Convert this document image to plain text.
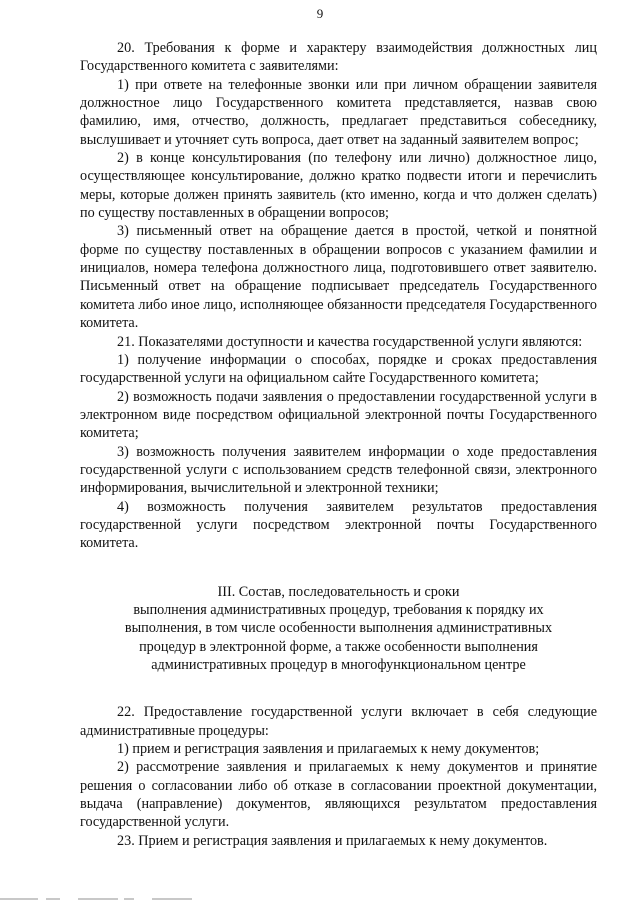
9

20. Требования к форме и характеру взаимодействия должностных лиц Государственного комитета с заявителями:

1) при ответе на телефонные звонки или при личном обращении заявителя должностное лицо Государственного комитета представляется, назвав свою фамилию, имя, отчество, должность, предлагает представиться собеседнику, выслушивает и уточняет суть вопроса, дает ответ на заданный заявителем вопрос;

2) в конце консультирования (по телефону или лично) должностное лицо, осуществляющее консультирование, должно кратко подвести итоги и перечислить меры, которые должен принять заявитель (кто именно, когда и что должен сделать) по существу поставленных в обращении вопросов;

3) письменный ответ на обращение дается в простой, четкой и понятной форме по существу поставленных в обращении вопросов с указанием фамилии и инициалов, номера телефона должностного лица, подготовившего ответ заявителю. Письменный ответ на обращение подписывает председатель Государственного комитета либо иное лицо, исполняющее обязанности председателя Государственного комитета.

21. Показателями доступности и качества государственной услуги являются:

1) получение информации о способах, порядке и сроках предоставления государственной услуги на официальном сайте Государственного комитета;

2) возможность подачи заявления о предоставлении государственной услуги в электронном виде посредством официальной электронной почты Государственного комитета;

3) возможность получения заявителем информации о ходе предоставления государственной услуги с использованием средств телефонной связи, электронного информирования, вычислительной и электронной техники;

4) возможность получения заявителем результатов предоставления государственной услуги посредством электронной почты Государственного комитета.

III. Состав, последовательность и сроки
выполнения административных процедур, требования к порядку их
выполнения, в том числе особенности выполнения административных
процедур в электронной форме, а также особенности выполнения
административных процедур в многофункциональном центре

22. Предоставление государственной услуги включает в себя следующие административные процедуры:

1) прием и регистрация заявления и прилагаемых к нему документов;

2) рассмотрение заявления и прилагаемых к нему документов и принятие решения о согласовании либо об отказе в согласовании проектной документации, выдача (направление) документов, являющихся результатом предоставления государственной услуги.

23. Прием и регистрация заявления и прилагаемых к нему документов.
